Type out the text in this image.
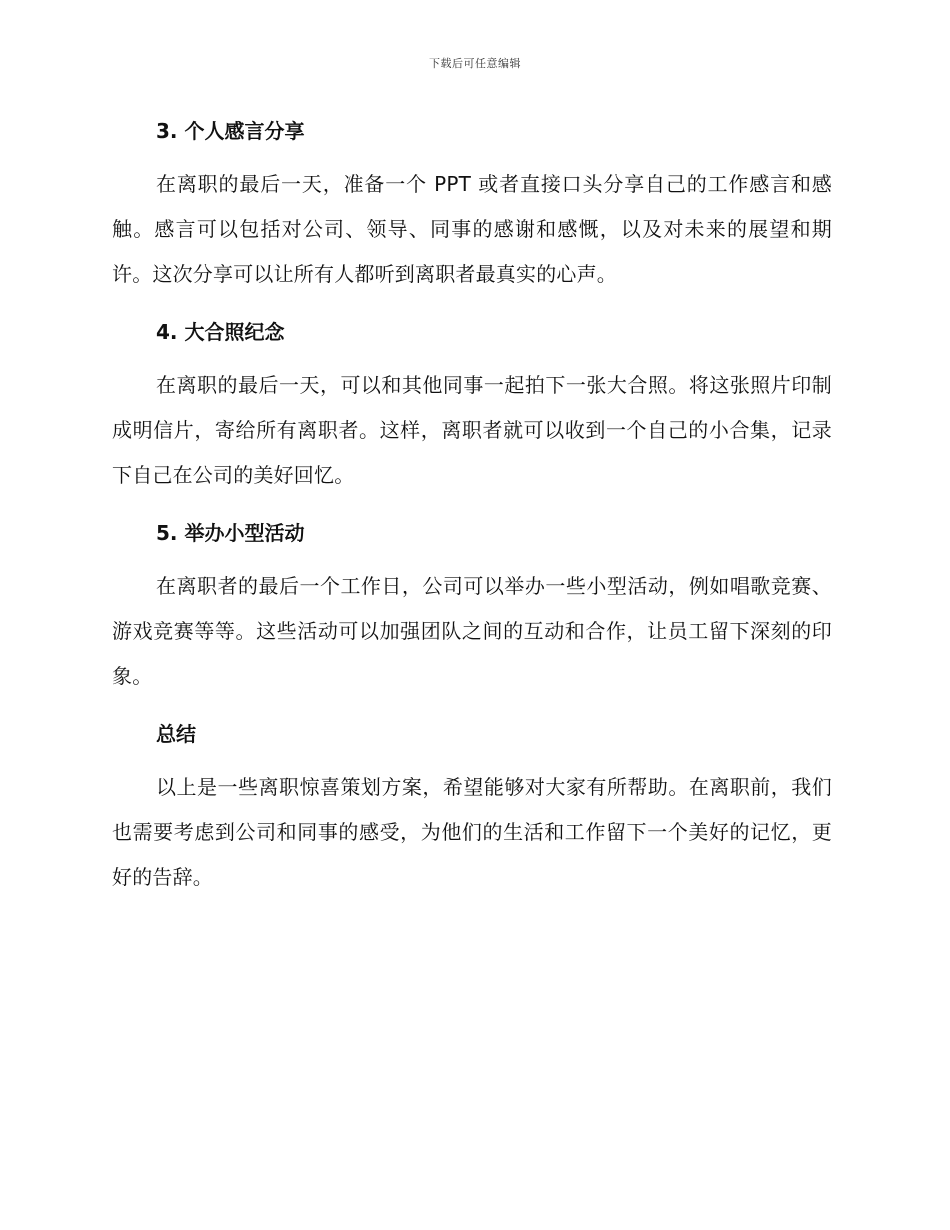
下载后可任意编辑
3. 个人感言分享

在离职的最后一天，准备一个 PPT 或者直接口头分享自己的工作感言和感触。感言可以包括对公司、领导、同事的感谢和感慨，以及对未来的展望和期许。这次分享可以让所有人都听到离职者最真实的心声。

4. 大合照纪念

在离职的最后一天，可以和其他同事一起拍下一张大合照。将这张照片印制成明信片，寄给所有离职者。这样，离职者就可以收到一个自己的小合集，记录下自己在公司的美好回忆。

5. 举办小型活动

在离职者的最后一个工作日，公司可以举办一些小型活动，例如唱歌竞赛、游戏竞赛等等。这些活动可以加强团队之间的互动和合作，让员工留下深刻的印象。

总结

以上是一些离职惊喜策划方案，希望能够对大家有所帮助。在离职前，我们也需要考虑到公司和同事的感受，为他们的生活和工作留下一个美好的记忆，更好的告辞。
